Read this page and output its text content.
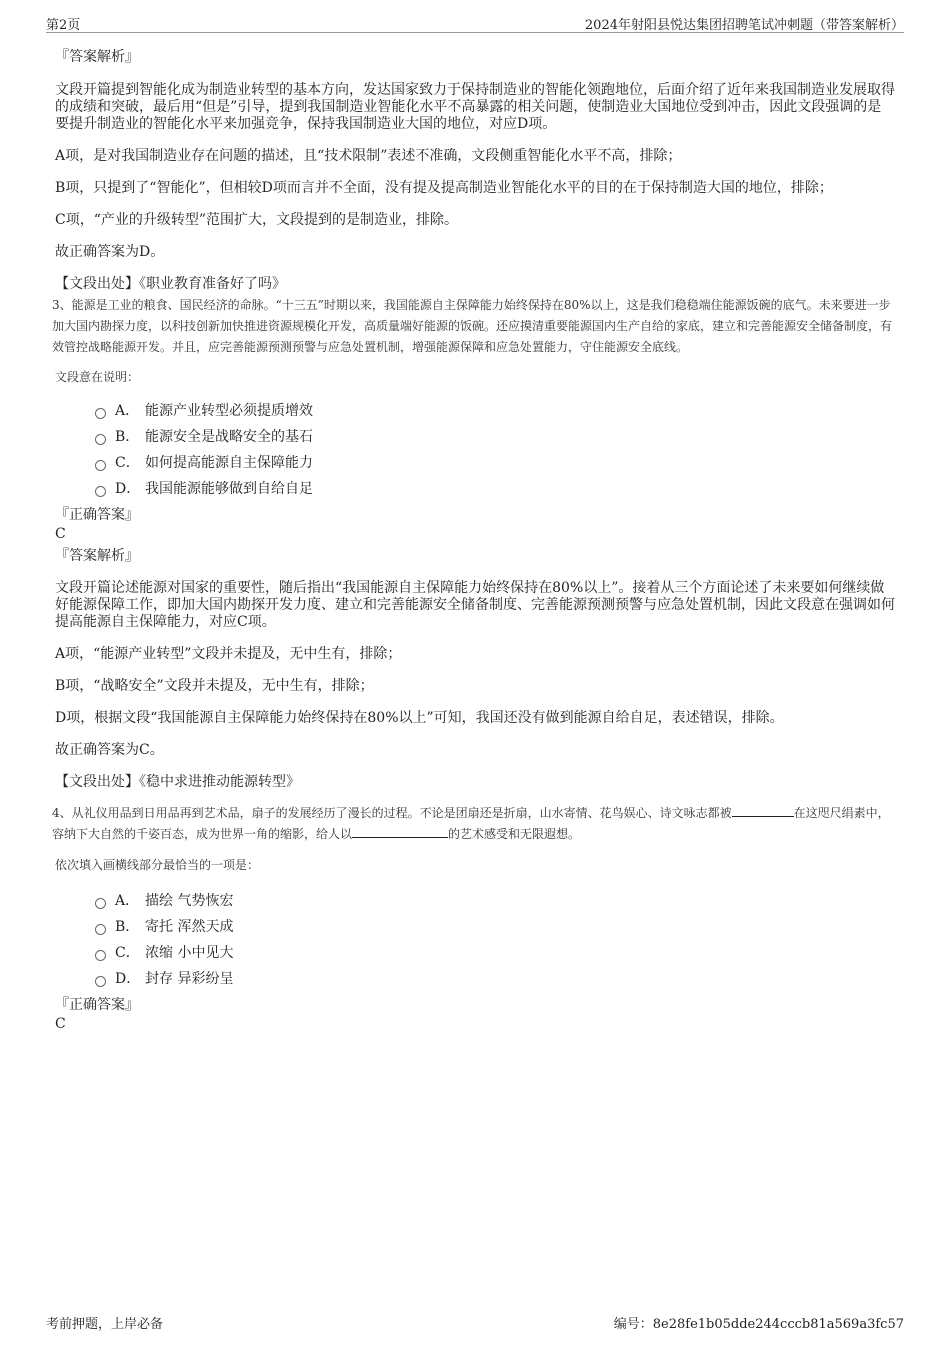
第2页	2024年射阳县悦达集团招聘笔试冲刺题（带答案解析）

『答案解析』

文段开篇提到智能化成为制造业转型的基本方向，发达国家致力于保持制造业的智能化领跑地位，后面介绍了近年来我国制造业发展取得的成绩和突破，最后用“但是”引导，提到我国制造业智能化水平不高暴露的相关问题，使制造业大国地位受到冲击，因此文段强调的是要提升制造业的智能化水平来加强竞争，保持我国制造业大国的地位，对应D项。

A项，是对我国制造业存在问题的描述，且“技术限制”表述不准确，文段侧重智能化水平不高，排除；

B项，只提到了“智能化”，但相较D项而言并不全面，没有提及提高制造业智能化水平的目的在于保持制造大国的地位，排除；

C项，“产业的升级转型”范围扩大，文段提到的是制造业，排除。

故正确答案为D。

【文段出处】《职业教育准备好了吗》

3、能源是工业的粮食、国民经济的命脉。“十三五”时期以来，我国能源自主保障能力始终保持在80%以上，这是我们稳稳端住能源饭碗的底气。未来要进一步加大国内勘探力度，以科技创新加快推进资源规模化开发，高质量端好能源的饭碗。还应摸清重要能源国内生产自给的家底，建立和完善能源安全储备制度，有效管控战略能源开发。并且，应完善能源预测预警与应急处置机制，增强能源保障和应急处置能力，守住能源安全底线。

文段意在说明：

A． 能源产业转型必须提质增效
B． 能源安全是战略安全的基石
C． 如何提高能源自主保障能力
D． 我国能源能够做到自给自足

『正确答案』

C

『答案解析』

文段开篇论述能源对国家的重要性，随后指出“我国能源自主保障能力始终保持在80%以上”。接着从三个方面论述了未来要如何继续做好能源保障工作，即加大国内勘探开发力度、建立和完善能源安全储备制度、完善能源预测预警与应急处置机制，因此文段意在强调如何提高能源自主保障能力，对应C项。

A项，“能源产业转型”文段并未提及，无中生有，排除；

B项，“战略安全”文段并未提及，无中生有，排除；

D项，根据文段“我国能源自主保障能力始终保持在80%以上”可知，我国还没有做到能源自给自足，表述错误，排除。

故正确答案为C。

【文段出处】《稳中求进推动能源转型》

4、从礼仪用品到日用品再到艺术品，扇子的发展经历了漫长的过程。不论是团扇还是折扇，山水寄情、花鸟娱心、诗文咏志都被	在这咫尺绢素中，容纳下大自然的千姿百态，成为世界一角的缩影，给人以	的艺术感受和无限遐想。

依次填入画横线部分最恰当的一项是：

A． 描绘 气势恢宏
B． 寄托 浑然天成
C． 浓缩 小中见大
D． 封存 异彩纷呈

『正确答案』

C

考前押题，上岸必备	编号：8e28fe1b05dde244cccb81a569a3fc57
